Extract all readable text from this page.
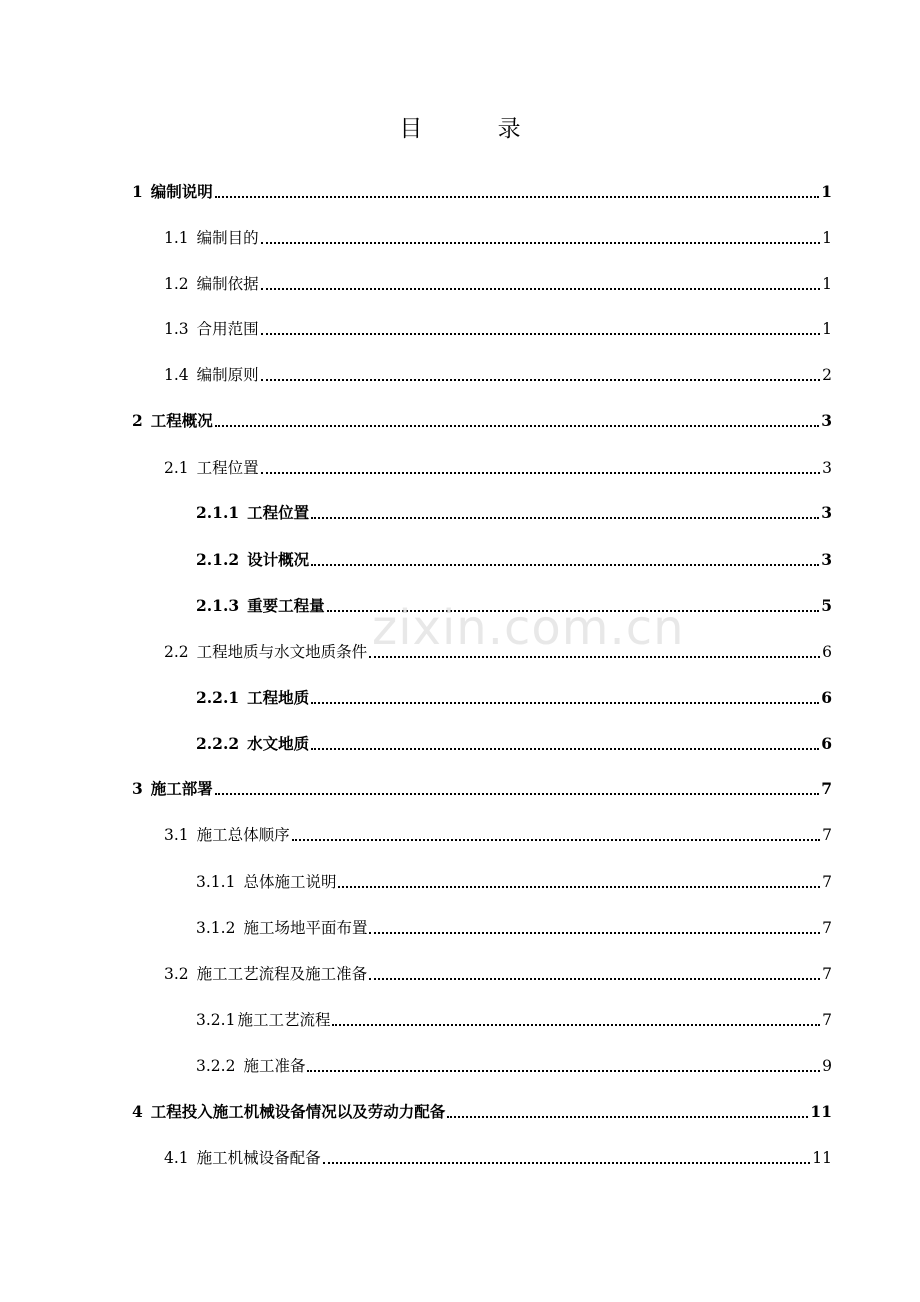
目 录
1 编制说明	1
1.1 编制目的	1
1.2 编制依据	1
1.3 合用范围	1
1.4 编制原则	2
2 工程概况	3
2.1 工程位置	3
2.1.1 工程位置	3
2.1.2 设计概况	3
2.1.3 重要工程量	5
2.2 工程地质与水文地质条件	6
2.2.1 工程地质	6
2.2.2 水文地质	6
3 施工部署	7
3.1 施工总体顺序	7
3.1.1 总体施工说明	7
3.1.2 施工场地平面布置	7
3.2 施工工艺流程及施工准备	7
3.2.1 施工工艺流程	7
3.2.2 施工准备	9
4 工程投入施工机械设备情况以及劳动力配备	11
4.1 施工机械设备配备	11
zixin.com.cn
